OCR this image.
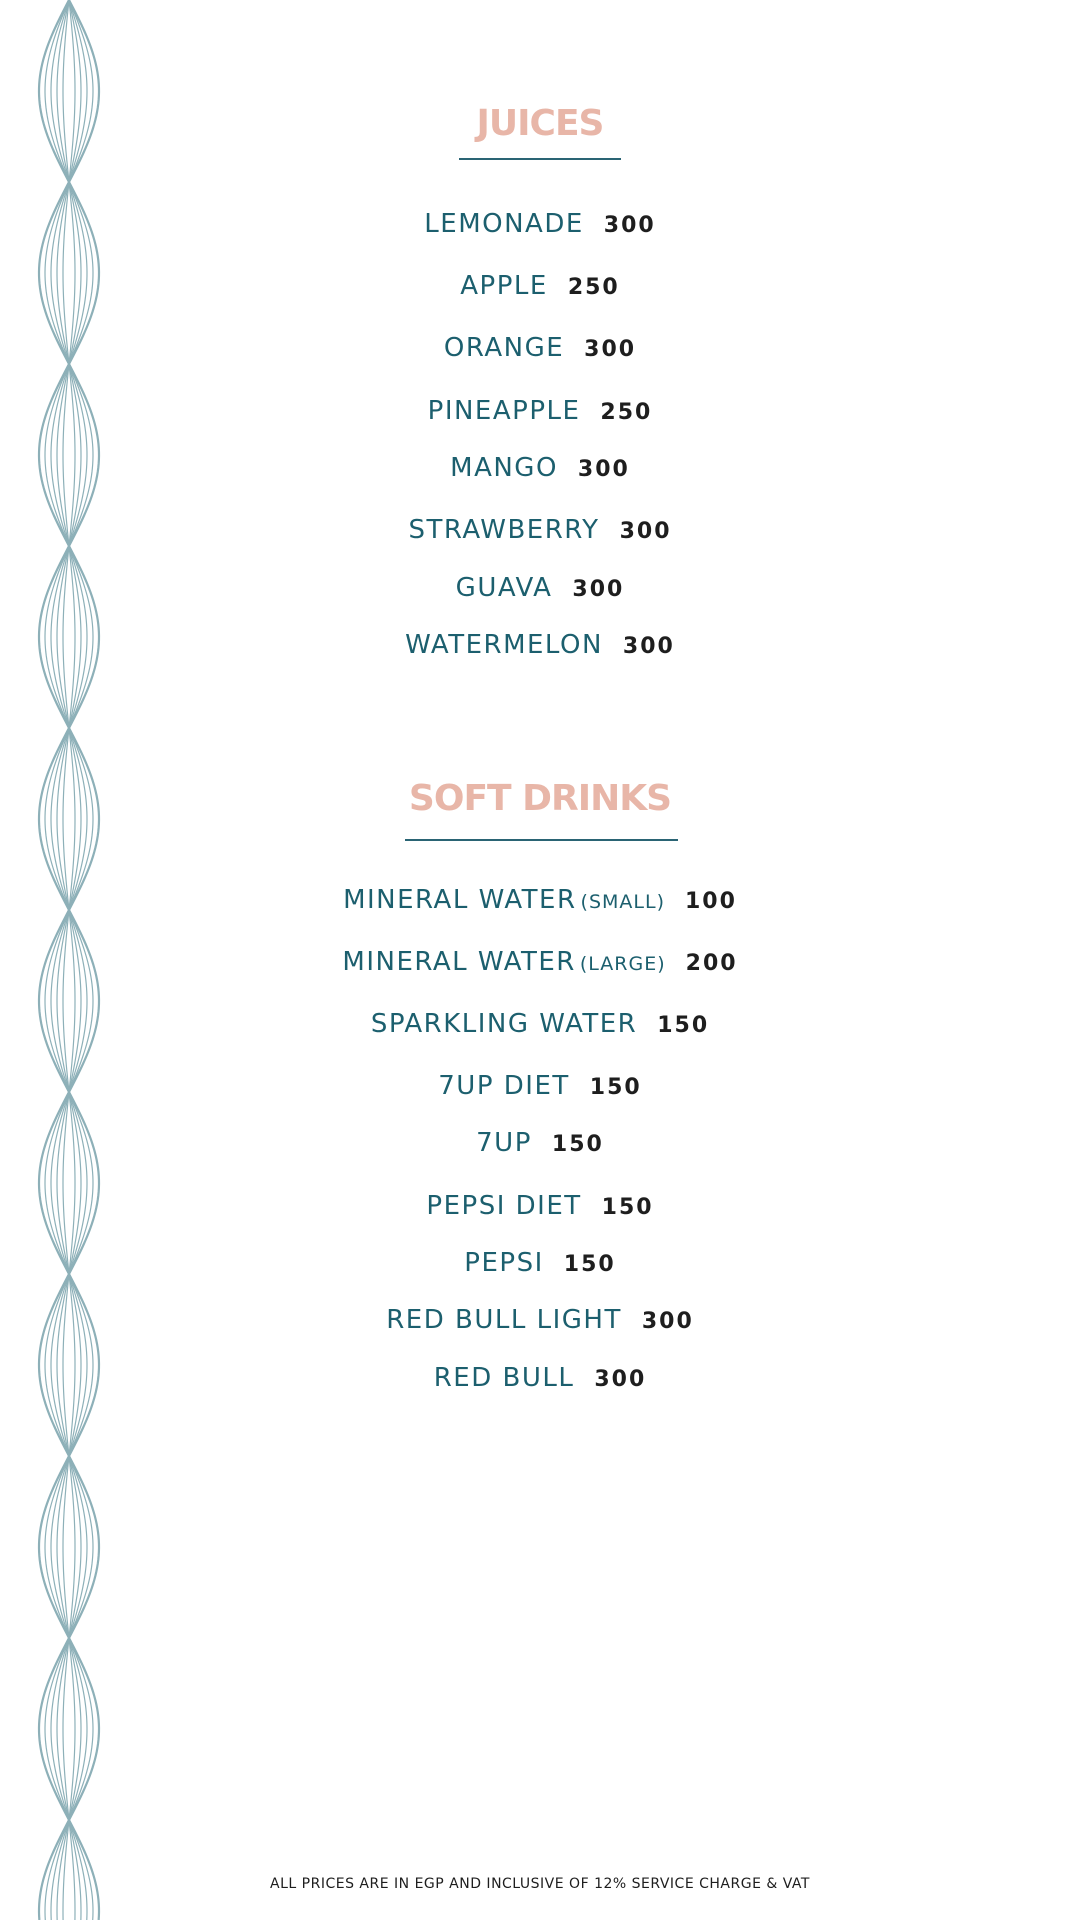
JUICES
LEMONADE 300
APPLE 250
ORANGE 300
PINEAPPLE 250
MANGO 300
STRAWBERRY 300
GUAVA 300
WATERMELON 300
SOFT DRINKS
MINERAL WATER (SMALL) 100
MINERAL WATER (LARGE) 200
SPARKLING WATER 150
7UP DIET 150
7UP 150
PEPSI DIET 150
PEPSI 150
RED BULL LIGHT 300
RED BULL 300
ALL PRICES ARE IN EGP AND INCLUSIVE OF 12% SERVICE CHARGE & VAT
